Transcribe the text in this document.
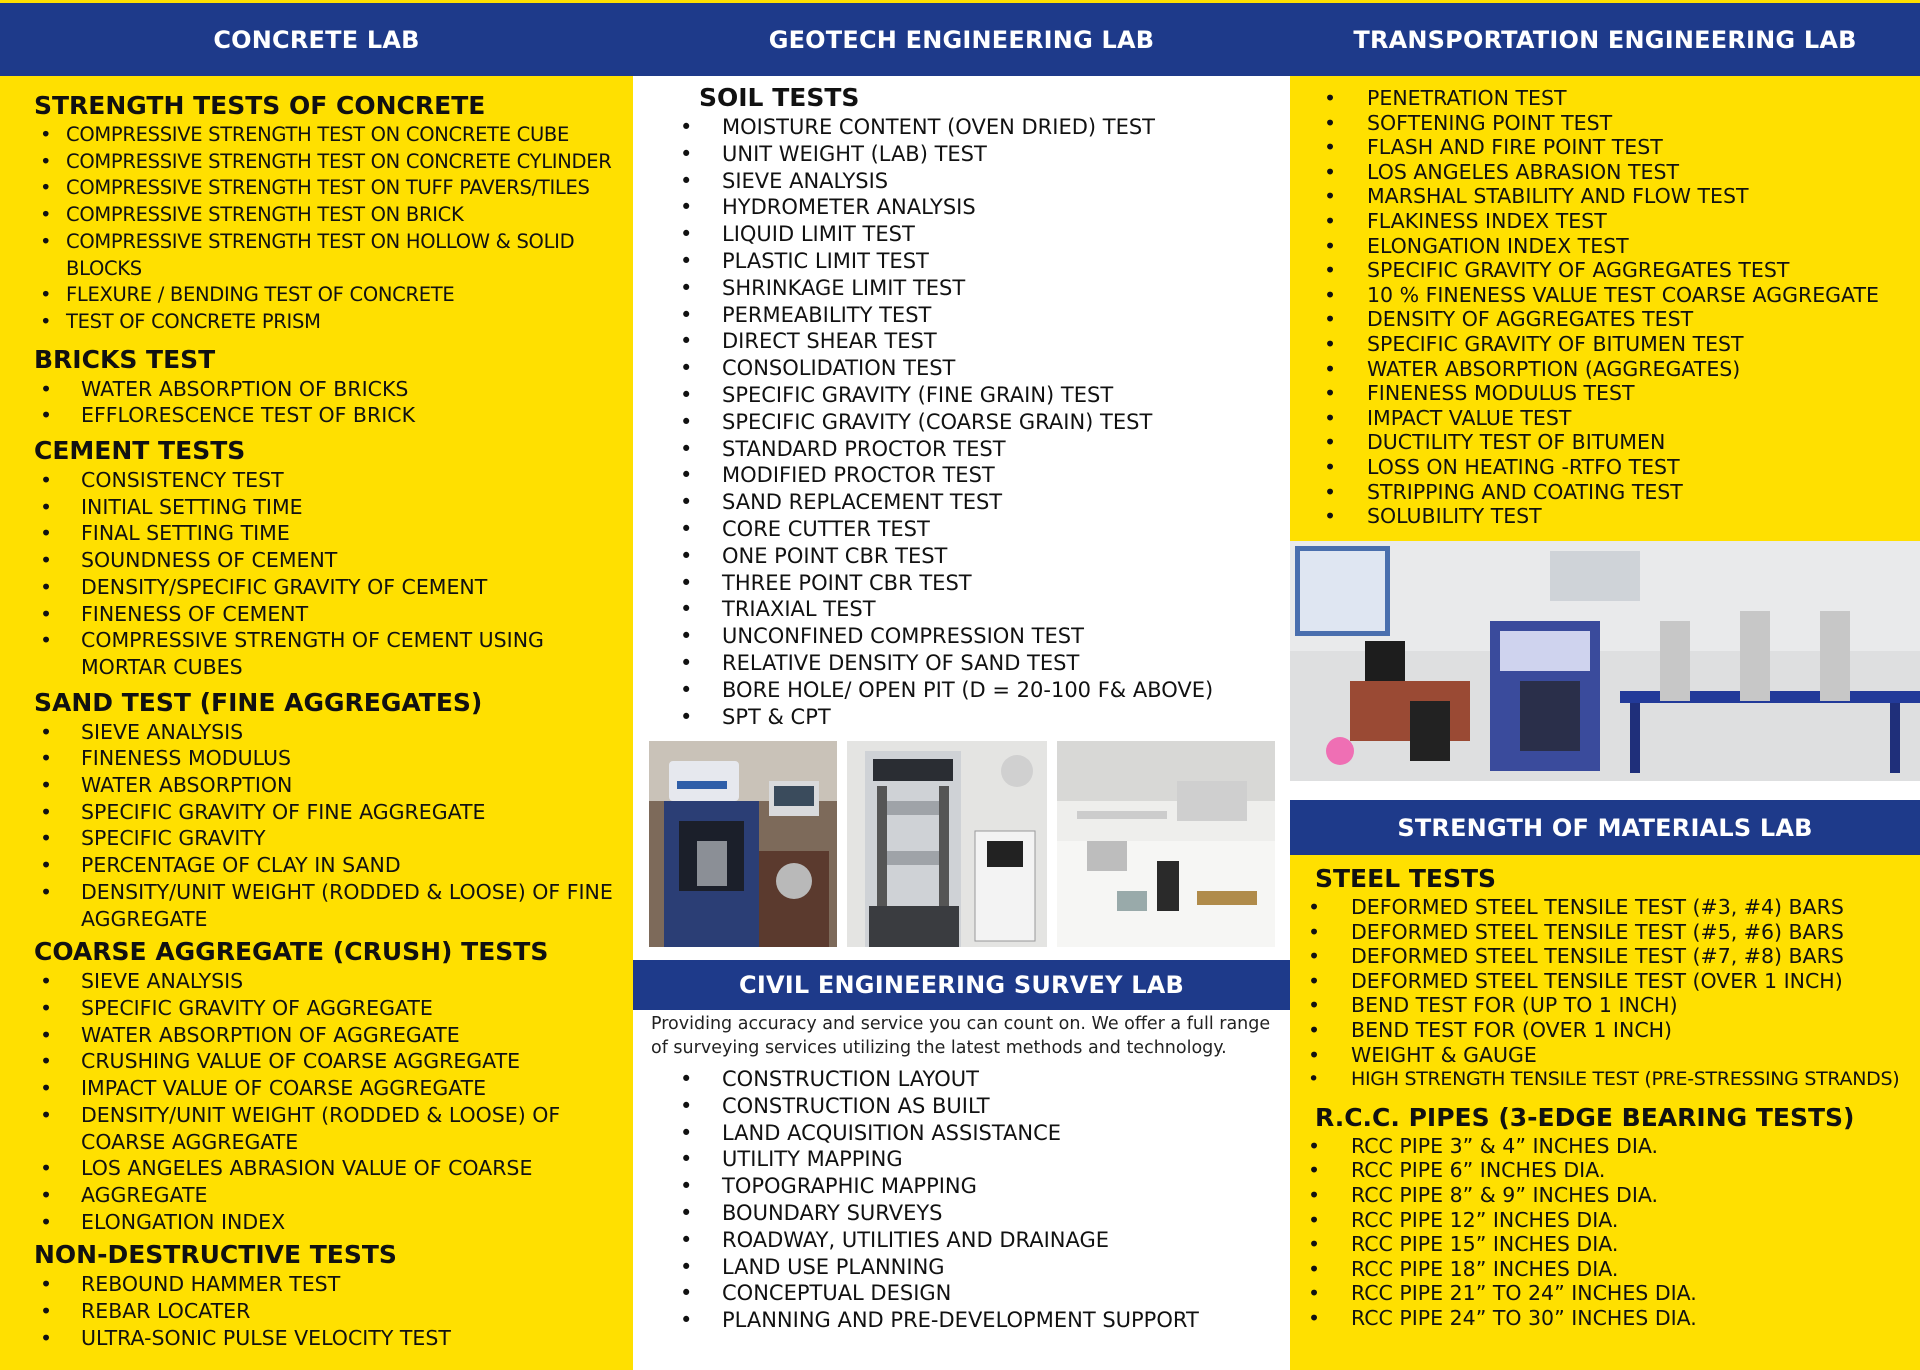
CONCRETE LAB
STRENGTH TESTS OF CONCRETE
• COMPRESSIVE STRENGTH TEST ON CONCRETE CUBE
• COMPRESSIVE STRENGTH TEST ON CONCRETE CYLINDER
• COMPRESSIVE STRENGTH TEST ON TUFF PAVERS/TILES
• COMPRESSIVE STRENGTH TEST ON BRICK
• COMPRESSIVE STRENGTH TEST ON HOLLOW & SOLID BLOCKS
• FLEXURE / BENDING TEST OF CONCRETE
• TEST OF CONCRETE PRISM
BRICKS TEST
• WATER ABSORPTION OF BRICKS
• EFFLORESCENCE TEST OF BRICK
CEMENT TESTS
• CONSISTENCY TEST
• INITIAL SETTING TIME
• FINAL SETTING TIME
• SOUNDNESS OF CEMENT
• DENSITY/SPECIFIC GRAVITY OF CEMENT
• FINENESS OF CEMENT
• COMPRESSIVE STRENGTH OF CEMENT USING MORTAR CUBES
SAND TEST (FINE AGGREGATES)
• SIEVE ANALYSIS
• FINENESS MODULUS
• WATER ABSORPTION
• SPECIFIC GRAVITY OF FINE AGGREGATE
• SPECIFIC GRAVITY
• PERCENTAGE OF CLAY IN SAND
• DENSITY/UNIT WEIGHT (RODDED & LOOSE) OF FINE AGGREGATE
COARSE AGGREGATE (CRUSH) TESTS
• SIEVE ANALYSIS
• SPECIFIC GRAVITY OF AGGREGATE
• WATER ABSORPTION OF AGGREGATE
• CRUSHING VALUE OF COARSE AGGREGATE
• IMPACT VALUE OF COARSE AGGREGATE
• DENSITY/UNIT WEIGHT (RODDED & LOOSE) OF COARSE AGGREGATE
• LOS ANGELES ABRASION VALUE OF COARSE
• AGGREGATE
• ELONGATION INDEX
NON-DESTRUCTIVE TESTS
• REBOUND HAMMER TEST
• REBAR LOCATER
• ULTRA-SONIC PULSE VELOCITY TEST
GEOTECH ENGINEERING LAB
SOIL TESTS
• MOISTURE CONTENT (OVEN DRIED) TEST
• UNIT WEIGHT (LAB) TEST
• SIEVE ANALYSIS
• HYDROMETER ANALYSIS
• LIQUID LIMIT TEST
• PLASTIC LIMIT TEST
• SHRINKAGE LIMIT TEST
• PERMEABILITY TEST
• DIRECT SHEAR TEST
• CONSOLIDATION TEST
• SPECIFIC GRAVITY (FINE GRAIN) TEST
• SPECIFIC GRAVITY (COARSE GRAIN) TEST
• STANDARD PROCTOR TEST
• MODIFIED PROCTOR TEST
• SAND REPLACEMENT TEST
• CORE CUTTER TEST
• ONE POINT CBR TEST
• THREE POINT CBR TEST
• TRIAXIAL TEST
• UNCONFINED COMPRESSION TEST
• RELATIVE DENSITY OF SAND TEST
• BORE HOLE/ OPEN PIT (D = 20-100 F& ABOVE)
• SPT & CPT
CIVIL ENGINEERING SURVEY LAB

Providing accuracy and service you can count on. We offer a full range of surveying services utilizing the latest methods and technology.

• CONSTRUCTION LAYOUT
• CONSTRUCTION AS BUILT
• LAND ACQUISITION ASSISTANCE
• UTILITY MAPPING
• TOPOGRAPHIC MAPPING
• BOUNDARY SURVEYS
• ROADWAY, UTILITIES AND DRAINAGE
• LAND USE PLANNING
• CONCEPTUAL DESIGN
• PLANNING AND PRE-DEVELOPMENT SUPPORT
TRANSPORTATION ENGINEERING LAB
• PENETRATION TEST
• SOFTENING POINT TEST
• FLASH AND FIRE POINT TEST
• LOS ANGELES ABRASION TEST
• MARSHAL STABILITY AND FLOW TEST
• FLAKINESS INDEX TEST
• ELONGATION INDEX TEST
• SPECIFIC GRAVITY OF AGGREGATES TEST
• 10 % FINENESS VALUE TEST COARSE AGGREGATE
• DENSITY OF AGGREGATES TEST
• SPECIFIC GRAVITY OF BITUMEN TEST
• WATER ABSORPTION (AGGREGATES)
• FINENESS MODULUS TEST
• IMPACT VALUE TEST
• DUCTILITY TEST OF BITUMEN
• LOSS ON HEATING -RTFO TEST
• STRIPPING AND COATING TEST
• SOLUBILITY TEST
STRENGTH OF MATERIALS LAB
STEEL TESTS
• DEFORMED STEEL TENSILE TEST (#3, #4) BARS
• DEFORMED STEEL TENSILE TEST (#5, #6) BARS
• DEFORMED STEEL TENSILE TEST (#7, #8) BARS
• DEFORMED STEEL TENSILE TEST (OVER 1 INCH)
• BEND TEST FOR (UP TO 1 INCH)
• BEND TEST FOR (OVER 1 INCH)
• WEIGHT & GAUGE
• HIGH STRENGTH TENSILE TEST (PRE-STRESSING STRANDS)
R.C.C. PIPES (3-EDGE BEARING TESTS)
• RCC PIPE 3” & 4” INCHES DIA.
• RCC PIPE 6” INCHES DIA.
• RCC PIPE 8” & 9” INCHES DIA.
• RCC PIPE 12” INCHES DIA.
• RCC PIPE 15” INCHES DIA.
• RCC PIPE 18” INCHES DIA.
• RCC PIPE 21” TO 24” INCHES DIA.
• RCC PIPE 24” TO 30” INCHES DIA.
